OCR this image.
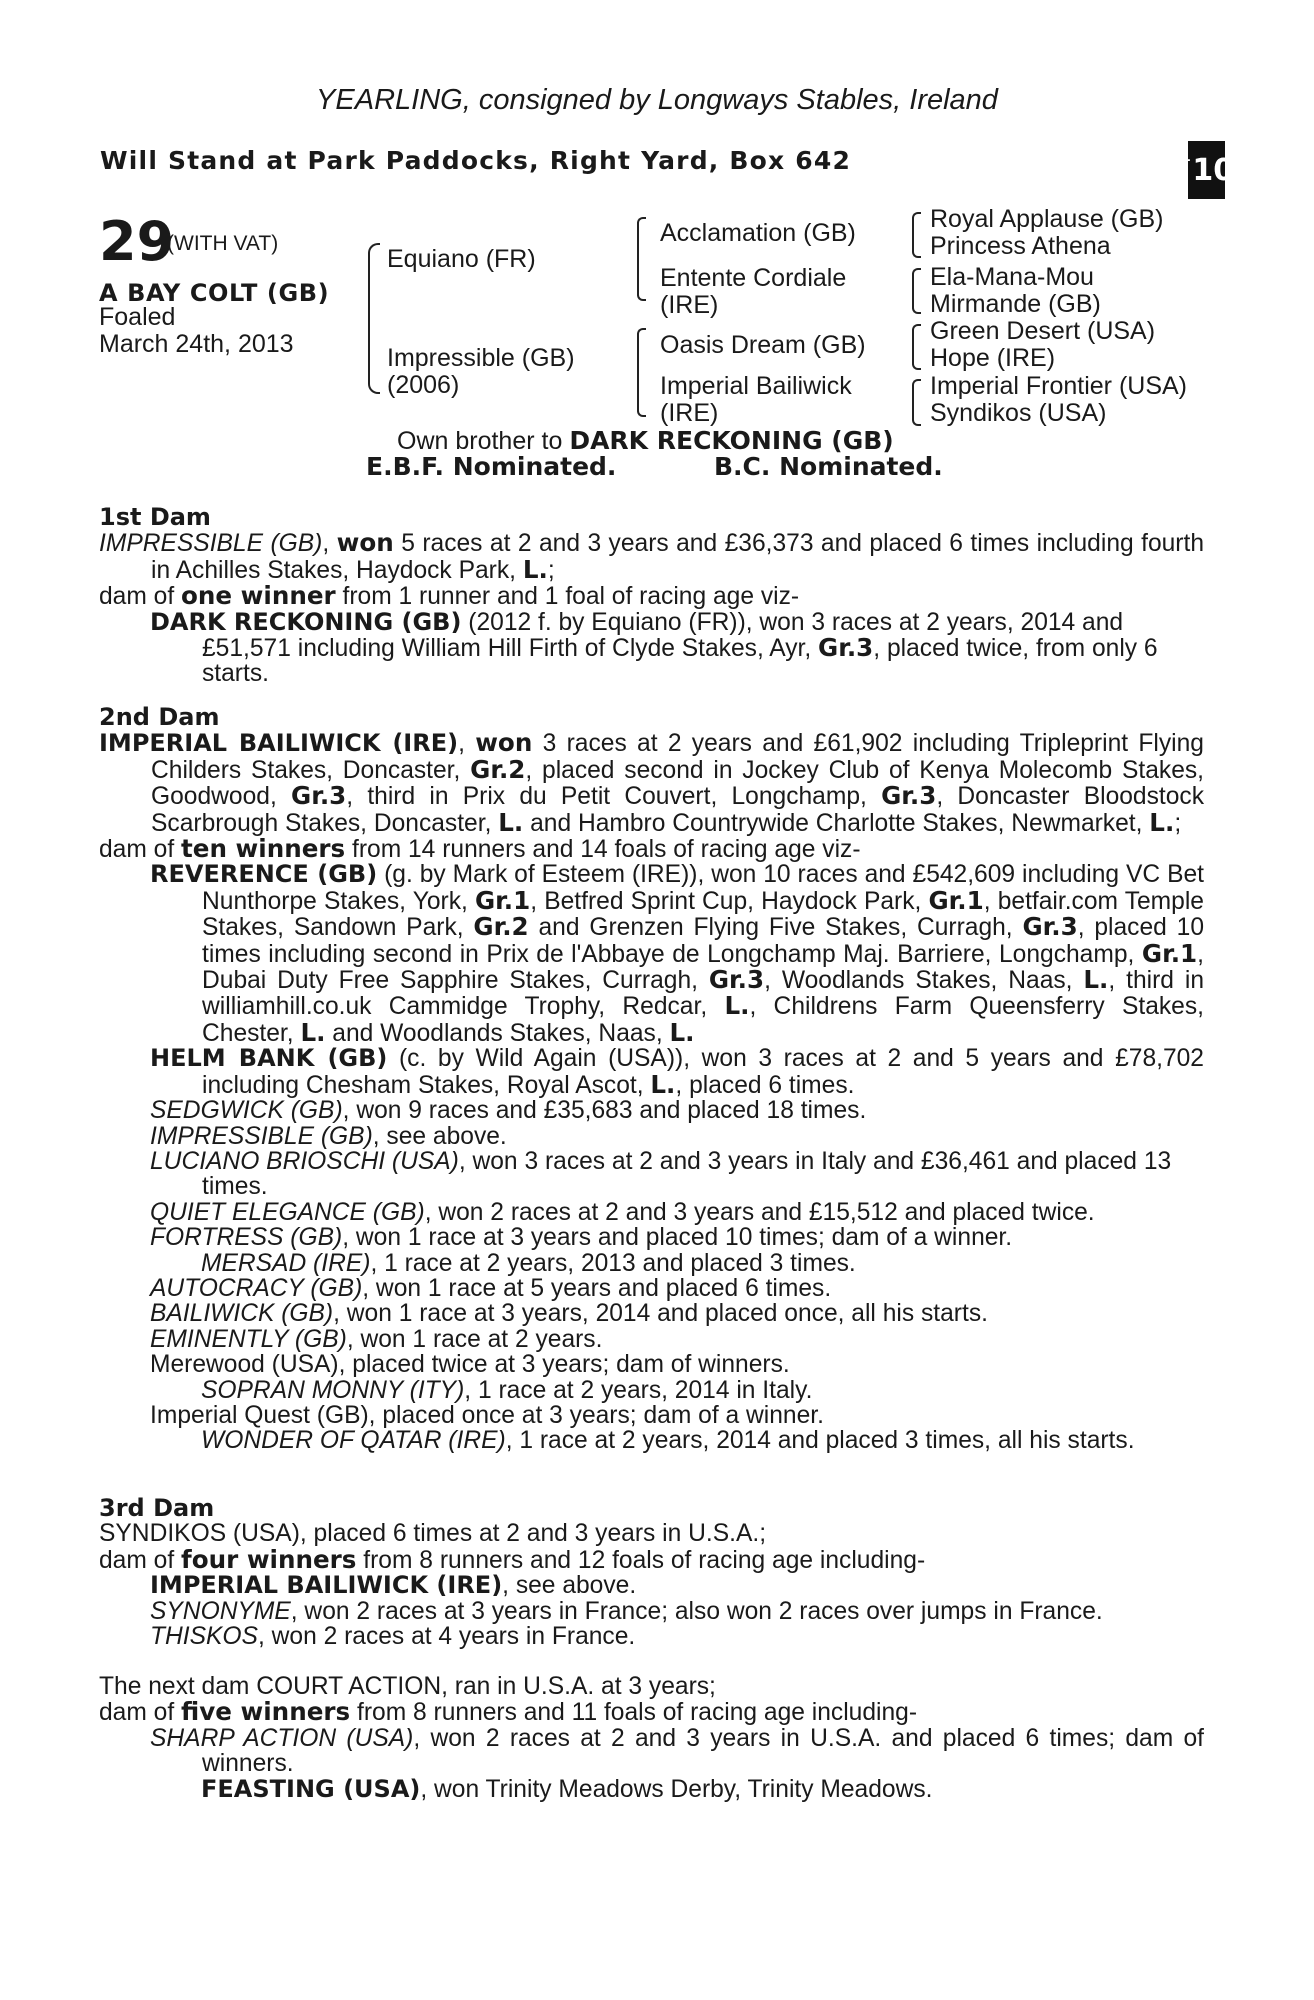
YEARLING, consigned by Longways Stables, Ireland
Will Stand at Park Paddocks, Right Yard, Box 642	+ 10
29
(WITH VAT)
A BAY COLT (GB)
Foaled
March 24th, 2013
Equiano (FR)
Impressible (GB)
(2006)
Acclamation (GB)
Entente Cordiale
(IRE)
Oasis Dream (GB)
Imperial Bailiwick
(IRE)
Royal Applause (GB)
Princess Athena
Ela-Mana-Mou
Mirmande (GB)
Green Desert (USA)
Hope (IRE)
Imperial Frontier (USA)
Syndikos (USA)
Own brother to DARK RECKONING (GB)
E.B.F. Nominated.	B.C. Nominated.

1st Dam

IMPRESSIBLE (GB), won 5 races at 2 and 3 years and £36,373 and placed 6 times including fourth in Achilles Stakes, Haydock Park, L.;

dam of one winner from 1 runner and 1 foal of racing age viz-

DARK RECKONING (GB) (2012 f. by Equiano (FR)), won 3 races at 2 years, 2014 and £51,571 including William Hill Firth of Clyde Stakes, Ayr, Gr.3, placed twice, from only 6 starts.

2nd Dam

IMPERIAL BAILIWICK (IRE), won 3 races at 2 years and £61,902 including Tripleprint Flying Childers Stakes, Doncaster, Gr.2, placed second in Jockey Club of Kenya Molecomb Stakes, Goodwood, Gr.3, third in Prix du Petit Couvert, Longchamp, Gr.3, Doncaster Bloodstock Scarbrough Stakes, Doncaster, L. and Hambro Countrywide Charlotte Stakes, Newmarket, L.;

dam of ten winners from 14 runners and 14 foals of racing age viz-

REVERENCE (GB) (g. by Mark of Esteem (IRE)), won 10 races and £542,609 including VC Bet Nunthorpe Stakes, York, Gr.1, Betfred Sprint Cup, Haydock Park, Gr.1, betfair.com Temple Stakes, Sandown Park, Gr.2 and Grenzen Flying Five Stakes, Curragh, Gr.3, placed 10 times including second in Prix de l'Abbaye de Longchamp Maj. Barriere, Longchamp, Gr.1, Dubai Duty Free Sapphire Stakes, Curragh, Gr.3, Woodlands Stakes, Naas, L., third in williamhill.co.uk Cammidge Trophy, Redcar, L., Childrens Farm Queensferry Stakes, Chester, L. and Woodlands Stakes, Naas, L.

HELM BANK (GB) (c. by Wild Again (USA)), won 3 races at 2 and 5 years and £78,702 including Chesham Stakes, Royal Ascot, L., placed 6 times.

SEDGWICK (GB), won 9 races and £35,683 and placed 18 times.

IMPRESSIBLE (GB), see above.

LUCIANO BRIOSCHI (USA), won 3 races at 2 and 3 years in Italy and £36,461 and placed 13 times.

QUIET ELEGANCE (GB), won 2 races at 2 and 3 years and £15,512 and placed twice.

FORTRESS (GB), won 1 race at 3 years and placed 10 times; dam of a winner.

MERSAD (IRE), 1 race at 2 years, 2013 and placed 3 times.

AUTOCRACY (GB), won 1 race at 5 years and placed 6 times.

BAILIWICK (GB), won 1 race at 3 years, 2014 and placed once, all his starts.

EMINENTLY (GB), won 1 race at 2 years.

Merewood (USA), placed twice at 3 years; dam of winners.

SOPRAN MONNY (ITY), 1 race at 2 years, 2014 in Italy.

Imperial Quest (GB), placed once at 3 years; dam of a winner.

WONDER OF QATAR (IRE), 1 race at 2 years, 2014 and placed 3 times, all his starts.

3rd Dam

SYNDIKOS (USA), placed 6 times at 2 and 3 years in U.S.A.;

dam of four winners from 8 runners and 12 foals of racing age including-

IMPERIAL BAILIWICK (IRE), see above.

SYNONYME, won 2 races at 3 years in France; also won 2 races over jumps in France.

THISKOS, won 2 races at 4 years in France.

The next dam COURT ACTION, ran in U.S.A. at 3 years;

dam of five winners from 8 runners and 11 foals of racing age including-

SHARP ACTION (USA), won 2 races at 2 and 3 years in U.S.A. and placed 6 times; dam of winners.

FEASTING (USA), won Trinity Meadows Derby, Trinity Meadows.
